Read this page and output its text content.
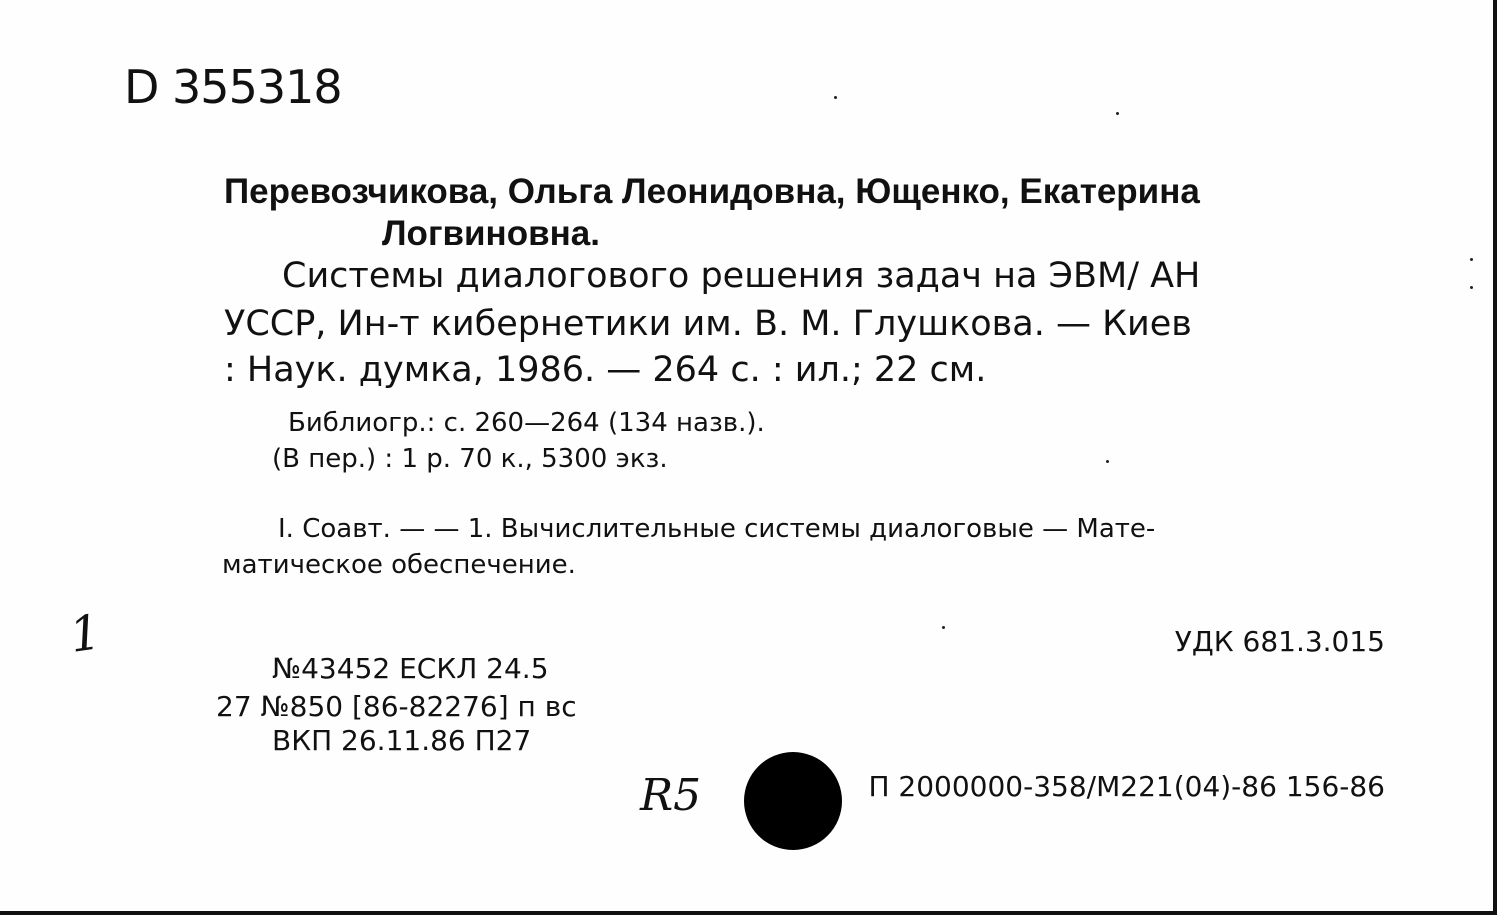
D 355318
Перевозчикова, Ольга Леонидовна, Ющенко, Екатерина
Логвиновна.
Системы диалогового решения задач на ЭВМ/ АН
УССР, Ин-т кибернетики им. В. М. Глушкова. — Киев
: Наук. думка, 1986. — 264 с. : ил.; 22 см.
Библиогр.: с. 260—264 (134 назв.).
(В пер.) : 1 р. 70 к., 5300 экз.
I. Соавт. — — 1. Вычислительные системы диалоговые — Мате-
матическое обеспечение.
УДК 681.3.015
№43452 ЕСКЛ 24.5
27 №850 [86-82276] п вс
ВКП 26.11.86 П27
П 2000000-358/М221(04)-86 156-86
1
R5
